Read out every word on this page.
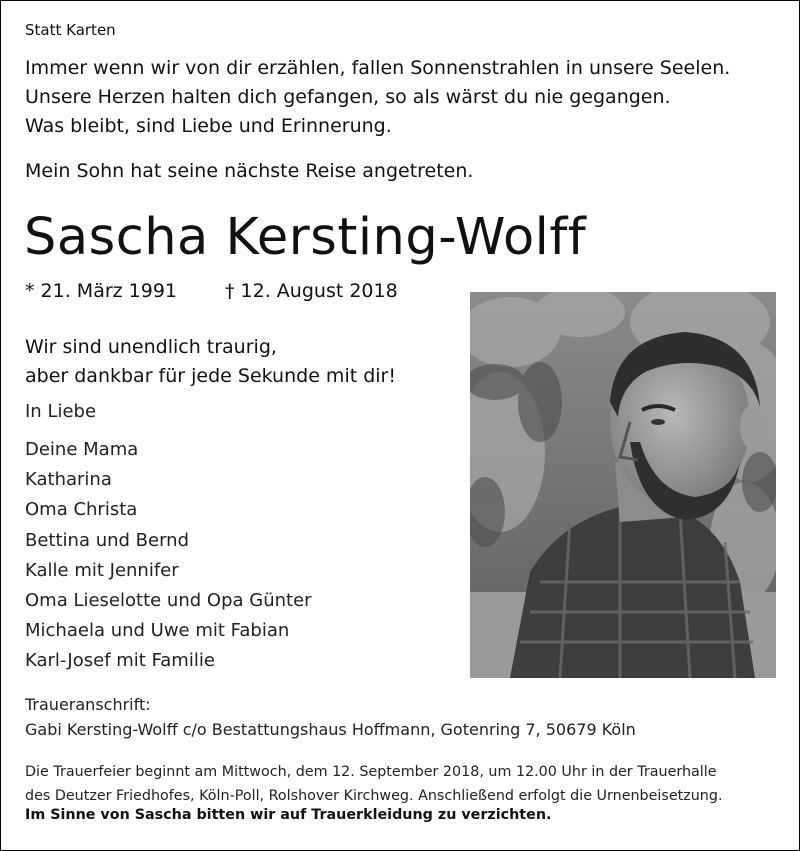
Statt Karten
Immer wenn wir von dir erzählen, fallen Sonnenstrahlen in unsere Seelen.
Unsere Herzen halten dich gefangen, so als wärst du nie gegangen.
Was bleibt, sind Liebe und Erinnerung.
Mein Sohn hat seine nächste Reise angetreten.
Sascha Kersting-Wolff
* 21. März 1991	† 12. August 2018
Wir sind unendlich traurig,
aber dankbar für jede Sekunde mit dir!
In Liebe
Deine Mama
Katharina
Oma Christa
Bettina und Bernd
Kalle mit Jennifer
Oma Lieselotte und Opa Günter
Michaela und Uwe mit Fabian
Karl-Josef mit Familie
Traueranschrift:
Gabi Kersting-Wolff c/o Bestattungshaus Hoffmann, Gotenring 7, 50679 Köln
Die Trauerfeier beginnt am Mittwoch, dem 12. September 2018, um 12.00 Uhr in der Trauerhalle
des Deutzer Friedhofes, Köln-Poll, Rolshover Kirchweg. Anschließend erfolgt die Urnenbeisetzung.
Im Sinne von Sascha bitten wir auf Trauerkleidung zu verzichten.
